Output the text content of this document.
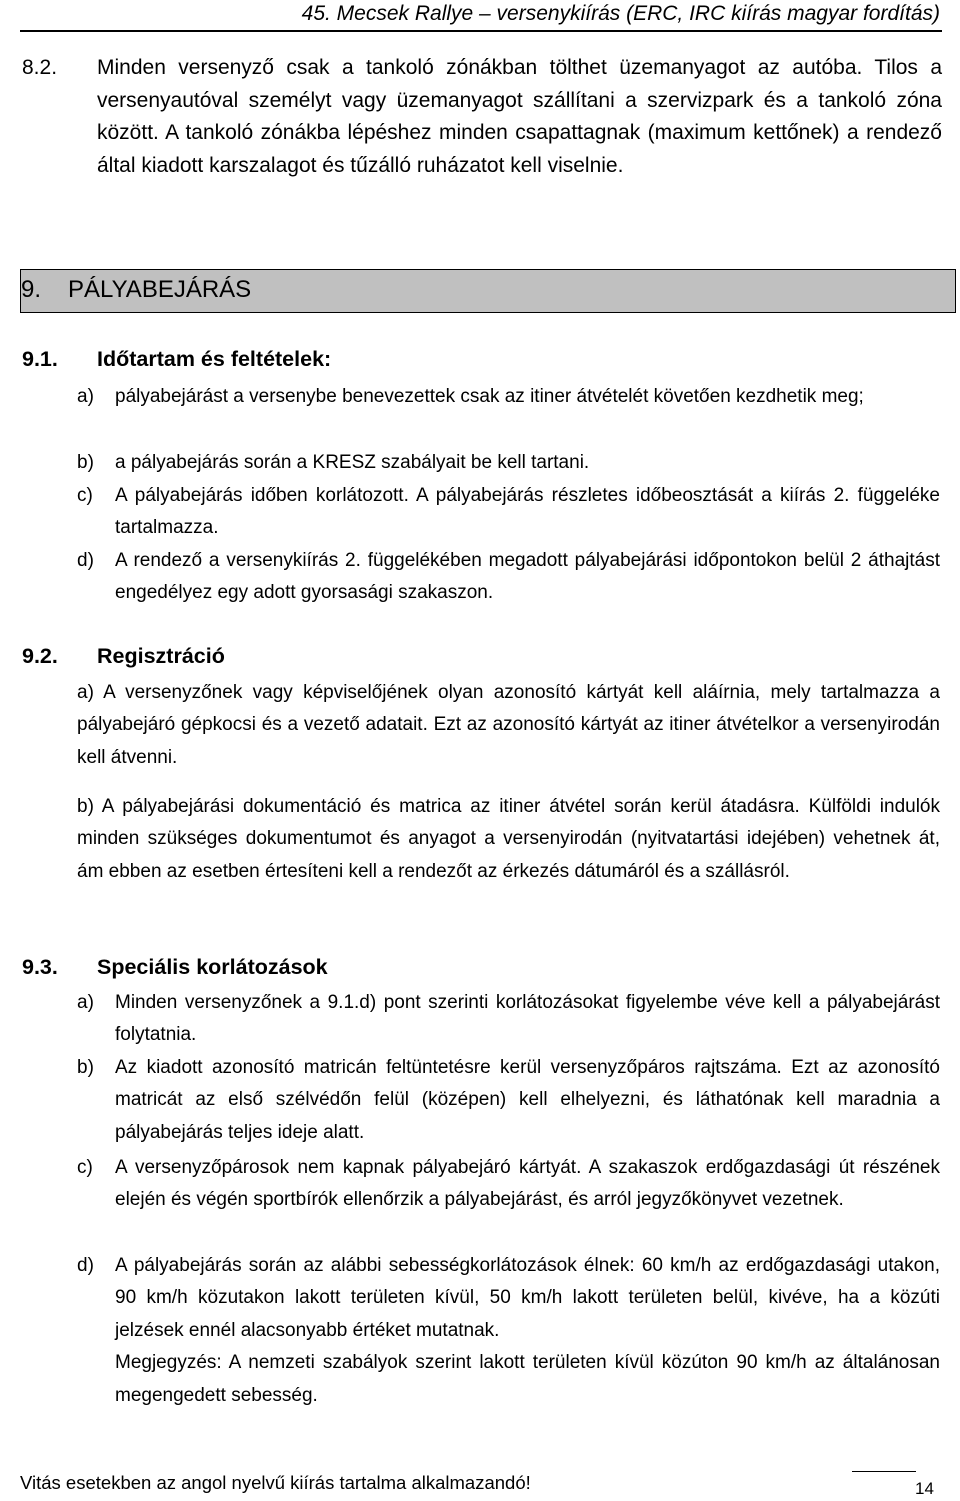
45. Mecsek Rallye – versenykiírás (ERC, IRC kiírás magyar fordítás)
8.2. Minden versenyző csak a tankoló zónákban tölthet üzemanyagot az autóba. Tilos a versenyautóval személyt vagy üzemanyagot szállítani a szervizpark és a tankoló zóna között. A tankoló zónákba lépéshez minden csapattagnak (maximum kettőnek) a rendező által kiadott karszalagot és tűzálló ruházatot kell viselnie.
9. PÁLYABEJÁRÁS
9.1. Időtartam és feltételek:
a) pályabejárást a versenybe benevezettek csak az itiner átvételét követően kezdhetik meg;
b) a pályabejárás során a KRESZ szabályait be kell tartani.
c) A pályabejárás időben korlátozott. A pályabejárás részletes időbeosztását a kiírás 2. függeléke tartalmazza.
d) A rendező a versenykiírás 2. függelékében megadott pályabejárási időpontokon belül 2 áthajtást engedélyez egy adott gyorsasági szakaszon.
9.2. Regisztráció
a) A versenyzőnek vagy képviselőjének olyan azonosító kártyát kell aláírnia, mely tartalmazza a pályabejáró gépkocsi és a vezető adatait. Ezt az azonosító kártyát az itiner átvételkor a versenyirodán kell átvenni.
b) A pályabejárási dokumentáció és matrica az itiner átvétel során kerül átadásra. Külföldi indulók minden szükséges dokumentumot és anyagot a versenyirodán (nyitvatartási idejében) vehetnek át, ám ebben az esetben értesíteni kell a rendezőt az érkezés dátumáról és a szállásról.
9.3. Speciális korlátozások
a) Minden versenyzőnek a 9.1.d) pont szerinti korlátozásokat figyelembe véve kell a pályabejárást folytatnia.
b) Az kiadott azonosító matricán feltüntetésre kerül versenyzőpáros rajtszáma. Ezt az azonosító matricát az első szélvédőn felül (középen) kell elhelyezni, és láthatónak kell maradnia a pályabejárás teljes ideje alatt.
c) A versenyzőpárosok nem kapnak pályabejáró kártyát. A szakaszok erdőgazdasági út részének elején és végén sportbírók ellenőrzik a pályabejárást, és arról jegyzőkönyvet vezetnek.
d) A pályabejárás során az alábbi sebességkorlátozások élnek: 60 km/h az erdőgazdasági utakon, 90 km/h közutakon lakott területen kívül, 50 km/h lakott területen belül, kivéve, ha a közúti jelzések ennél alacsonyabb értéket mutatnak.
Megjegyzés: A nemzeti szabályok szerint lakott területen kívül közúton 90 km/h az általánosan megengedett sebesség.
Vitás esetekben az angol nyelvű kiírás tartalma alkalmazandó!	14
